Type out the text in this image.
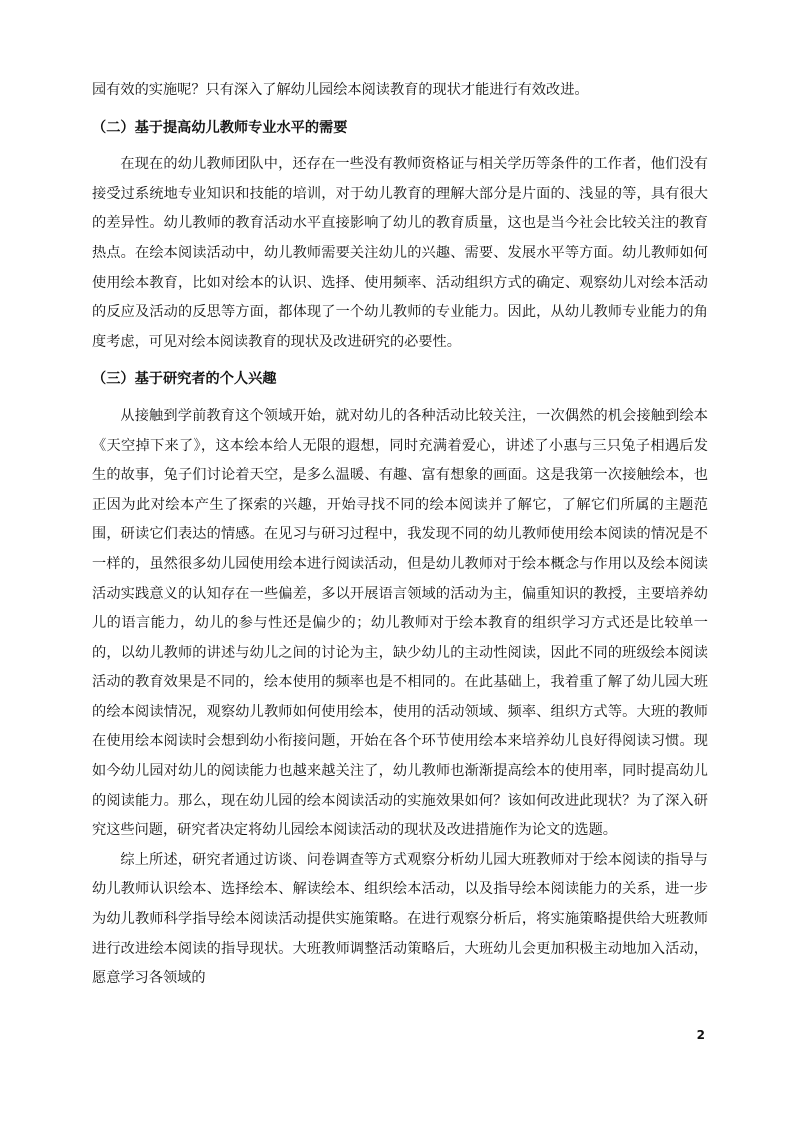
园有效的实施呢？只有深入了解幼儿园绘本阅读教育的现状才能进行有效改进。

（二）基于提高幼儿教师专业水平的需要

在现在的幼儿教师团队中，还存在一些没有教师资格证与相关学历等条件的工作者，他们没有接受过系统地专业知识和技能的培训，对于幼儿教育的理解大部分是片面的、浅显的等，具有很大的差异性。幼儿教师的教育活动水平直接影响了幼儿的教育质量，这也是当今社会比较关注的教育热点。在绘本阅读活动中，幼儿教师需要关注幼儿的兴趣、需要、发展水平等方面。幼儿教师如何使用绘本教育，比如对绘本的认识、选择、使用频率、活动组织方式的确定、观察幼儿对绘本活动的反应及活动的反思等方面，都体现了一个幼儿教师的专业能力。因此，从幼儿教师专业能力的角度考虑，可见对绘本阅读教育的现状及改进研究的必要性。

（三）基于研究者的个人兴趣

从接触到学前教育这个领域开始，就对幼儿的各种活动比较关注，一次偶然的机会接触到绘本《天空掉下来了》，这本绘本给人无限的遐想，同时充满着爱心，讲述了小惠与三只兔子相遇后发生的故事，兔子们讨论着天空，是多么温暖、有趣、富有想象的画面。这是我第一次接触绘本，也正因为此对绘本产生了探索的兴趣，开始寻找不同的绘本阅读并了解它，了解它们所属的主题范围，研读它们表达的情感。在见习与研习过程中，我发现不同的幼儿教师使用绘本阅读的情况是不一样的，虽然很多幼儿园使用绘本进行阅读活动，但是幼儿教师对于绘本概念与作用以及绘本阅读活动实践意义的认知存在一些偏差，多以开展语言领域的活动为主，偏重知识的教授，主要培养幼儿的语言能力，幼儿的参与性还是偏少的；幼儿教师对于绘本教育的组织学习方式还是比较单一的，以幼儿教师的讲述与幼儿之间的讨论为主，缺少幼儿的主动性阅读，因此不同的班级绘本阅读活动的教育效果是不同的，绘本使用的频率也是不相同的。在此基础上，我着重了解了幼儿园大班的绘本阅读情况，观察幼儿教师如何使用绘本，使用的活动领域、频率、组织方式等。大班的教师在使用绘本阅读时会想到幼小衔接问题，开始在各个环节使用绘本来培养幼儿良好得阅读习惯。现如今幼儿园对幼儿的阅读能力也越来越关注了，幼儿教师也渐渐提高绘本的使用率，同时提高幼儿的阅读能力。那么，现在幼儿园的绘本阅读活动的实施效果如何？该如何改进此现状？为了深入研究这些问题，研究者决定将幼儿园绘本阅读活动的现状及改进措施作为论文的选题。

综上所述，研究者通过访谈、问卷调查等方式观察分析幼儿园大班教师对于绘本阅读的指导与幼儿教师认识绘本、选择绘本、解读绘本、组织绘本活动，以及指导绘本阅读能力的关系，进一步为幼儿教师科学指导绘本阅读活动提供实施策略。在进行观察分析后，将实施策略提供给大班教师进行改进绘本阅读的指导现状。大班教师调整活动策略后，大班幼儿会更加积极主动地加入活动，愿意学习各领域的

2
